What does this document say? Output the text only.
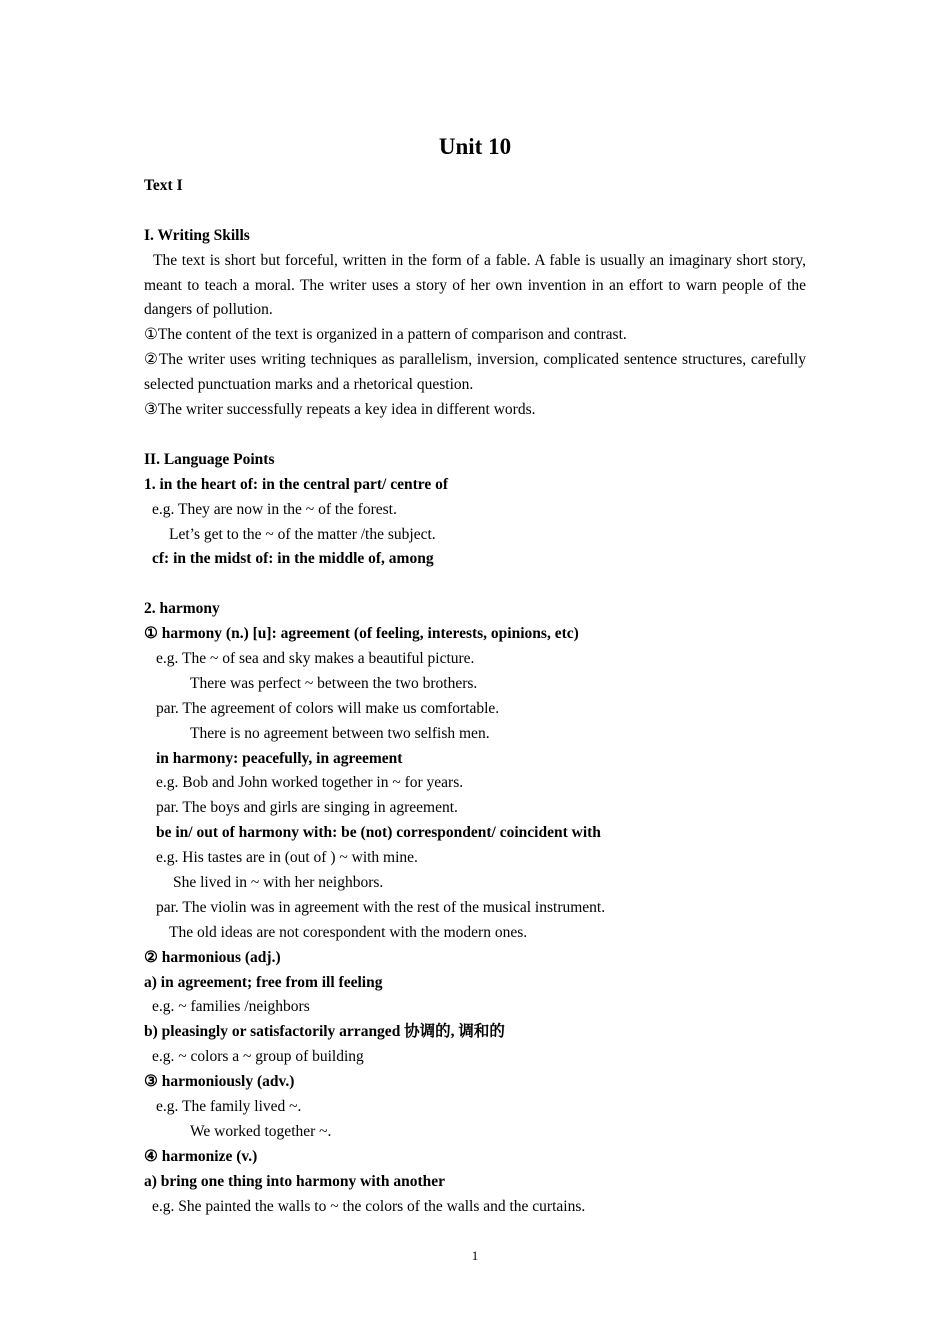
Unit 10
Text I
I. Writing Skills
The text is short but forceful, written in the form of a fable. A fable is usually an imaginary short story, meant to teach a moral. The writer uses a story of her own invention in an effort to warn people of the dangers of pollution.
①The content of the text is organized in a pattern of comparison and contrast.
②The writer uses writing techniques as parallelism, inversion, complicated sentence structures, carefully selected punctuation marks and a rhetorical question.
③The writer successfully repeats a key idea in different words.
II. Language Points
1. in the heart of: in the central part/ centre of
e.g. They are now in the ~ of the forest.
Let’s get to the ~ of the matter /the subject.
cf: in the midst of: in the middle of, among
2. harmony
① harmony (n.) [u]: agreement (of feeling, interests, opinions, etc)
e.g. The ~ of sea and sky makes a beautiful picture.
There was perfect ~ between the two brothers.
par. The agreement of colors will make us comfortable.
There is no agreement between two selfish men.
in harmony: peacefully, in agreement
e.g. Bob and John worked together in ~ for years.
par. The boys and girls are singing in agreement.
be in/ out of harmony with: be (not) correspondent/ coincident with
e.g. His tastes are in (out of ) ~ with mine.
She lived in ~ with her neighbors.
par. The violin was in agreement with the rest of the musical instrument.
The old ideas are not corespondent with the modern ones.
② harmonious (adj.)
a) in agreement; free from ill feeling
e.g. ~ families /neighbors
b) pleasingly or satisfactorily arranged 协调的, 调和的
e.g. ~ colors a ~ group of building
③ harmoniously (adv.)
e.g. The family lived ~.
We worked together ~.
④ harmonize (v.)
a) bring one thing into harmony with another
e.g. She painted the walls to ~ the colors of the walls and the curtains.
1
